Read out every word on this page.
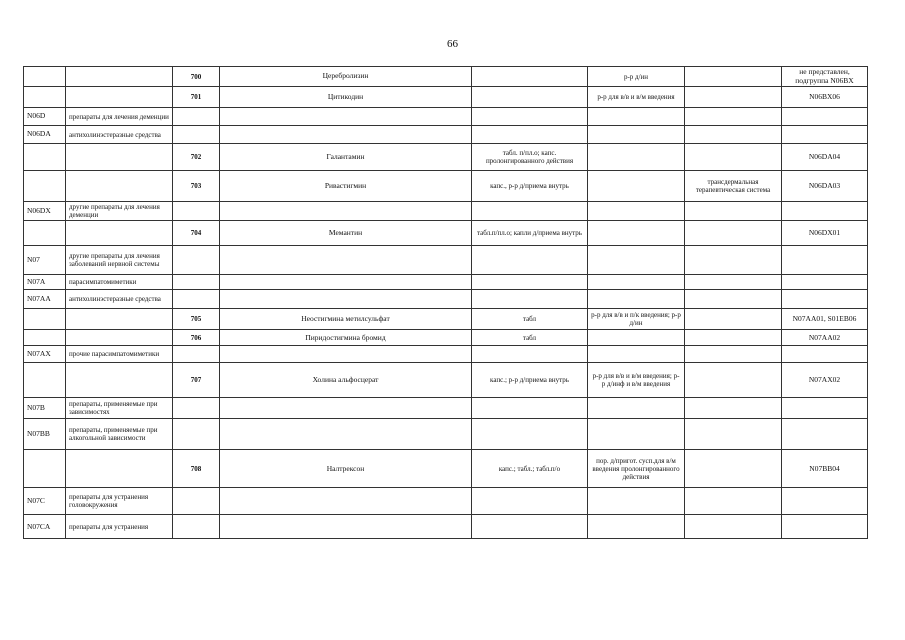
66
		700	Церебролизин		р-р д/ин		не представлен, подгруппа N06BX
		701	Цитикодин		р-р для в/в и в/м введения		N06BX06
N06D	препараты для лечения деменции						
N06DA	антихолинэстеразные средства						
		702	Галантамин	табл. п/пл.о; капс. пролонгированного действия			N06DA04
		703	Ривастигмин	капс., р-р д/приема внутрь		трансдермальная терапевтическая система	N06DA03
N06DX	другие препараты для лечения деменции						
		704	Мемантин	табл.п/пл.о; капли д/приема внутрь			N06DX01
N07	другие препараты для лечения заболеваний нервной системы						
N07A	парасимпатомиметики						
N07AA	антихолинэстеразные средства						
		705	Неостигмина метилсульфат	табл	р-р для в/в и п/к введения; р-р д/ин		N07AA01, S01EB06
		706	Пиридостигмина бромид	табл			N07AA02
N07AX	прочие парасимпатомиметики						
		707	Холина альфосцерат	капс.; р-р д/приема внутрь	р-р для в/в и в/м введения; р-р д/инф и в/м введения		N07AX02
N07B	препараты, применяемые при зависимостях						
N07BB	препараты, применяемые при алкогольной зависимости						
		708	Налтрексон	капс.; табл.; табл.п/о	пор. д/пригот. сусп.для в/м введения пролонгированного действия		N07BB04
N07C	препараты для устранения головокружения						
N07CA	препараты для устранения						
